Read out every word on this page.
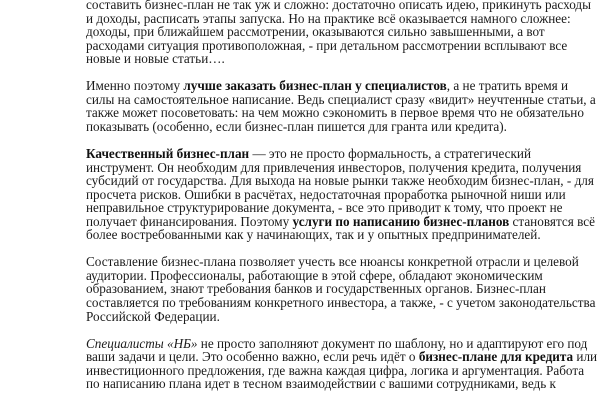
составить бизнес-план не так уж и сложно: достаточно описать идею, прикинуть расходы
и доходы, расписать этапы запуска. Но на практике всё оказывается намного сложнее:
доходы, при ближайшем рассмотрении, оказываются сильно завышенными, а вот
расходами ситуация противоположная, - при детальном рассмотрении всплывают все
новые и новые статьи….

Именно поэтому лучше заказать бизнес-план у специалистов, а не тратить время и
силы на самостоятельное написание. Ведь специалист сразу «видит» неучтенные статьи, а
также может посоветовать: на чем можно сэкономить в первое время что не обязательно
показывать (особенно, если бизнес-план пишется для гранта или кредита).

Качественный бизнес-план — это не просто формальность, а стратегический
инструмент. Он необходим для привлечения инвесторов, получения кредита, получения
субсидий от государства. Для выхода на новые рынки также необходим бизнес-план, - для
просчета рисков. Ошибки в расчётах, недостаточная проработка рыночной ниши или
неправильное структурирование документа, - все это приводит к тому, что проект не
получает финансирования. Поэтому услуги по написанию бизнес-планов становятся всё
более востребованными как у начинающих, так и у опытных предпринимателей.

Составление бизнес-плана позволяет учесть все нюансы конкретной отрасли и целевой
аудитории. Профессионалы, работающие в этой сфере, обладают экономическим
образованием, знают требования банков и государственных органов. Бизнес-план
составляется по требованиям конкретного инвестора, а также, - с учетом законодательства
Российской Федерации.

Специалисты «НБ» не просто заполняют документ по шаблону, но и адаптируют его под
ваши задачи и цели. Это особенно важно, если речь идёт о бизнес-плане для кредита или
инвестиционного предложения, где важна каждая цифра, логика и аргументация. Работа
по написанию плана идет в тесном взаимодействии с вашими сотрудниками, ведь к
